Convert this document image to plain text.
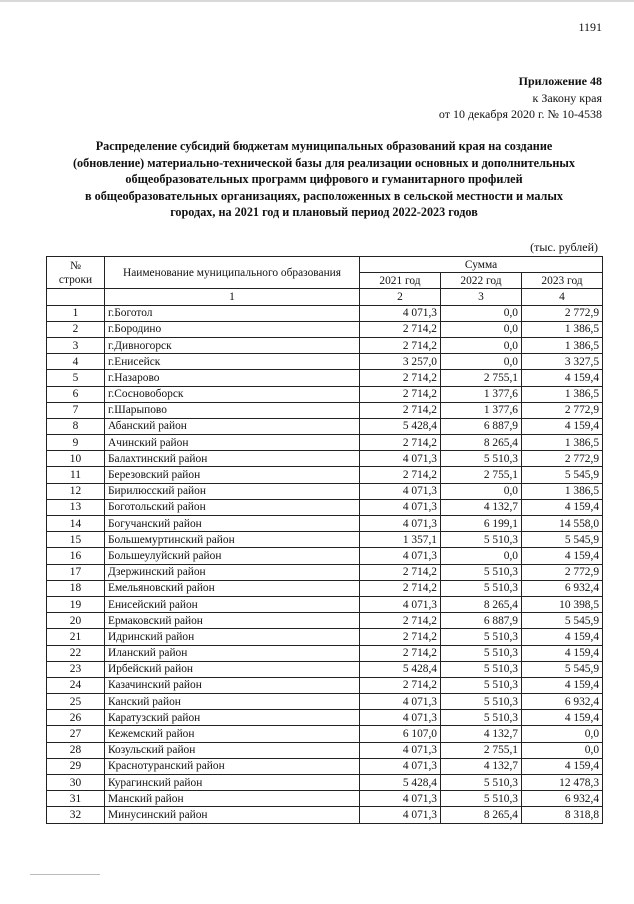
1191
Приложение 48
к Закону края
от 10 декабря 2020 г. № 10-4538
Распределение субсидий бюджетам муниципальных образований края на создание
(обновление) материально-технической базы для реализации основных и дополнительных
общеобразовательных программ цифрового и гуманитарного профилей
в общеобразовательных организациях, расположенных в сельской местности и малых
городах, на 2021 год и плановый период 2022-2023 годов
(тыс. рублей)
№
строки	Наименование муниципального образования	Сумма		
		2021 год	2022 год	2023 год
	1	2	3	4
1	г.Боготол	4 071,3	0,0	2 772,9
2	г.Бородино	2 714,2	0,0	1 386,5
3	г.Дивногорск	2 714,2	0,0	1 386,5
4	г.Енисейск	3 257,0	0,0	3 327,5
5	г.Назарово	2 714,2	2 755,1	4 159,4
6	г.Сосновоборск	2 714,2	1 377,6	1 386,5
7	г.Шарыпово	2 714,2	1 377,6	2 772,9
8	Абанский район	5 428,4	6 887,9	4 159,4
9	Ачинский район	2 714,2	8 265,4	1 386,5
10	Балахтинский район	4 071,3	5 510,3	2 772,9
11	Березовский район	2 714,2	2 755,1	5 545,9
12	Бирилюсский район	4 071,3	0,0	1 386,5
13	Боготольский район	4 071,3	4 132,7	4 159,4
14	Богучанский район	4 071,3	6 199,1	14 558,0
15	Большемуртинский район	1 357,1	5 510,3	5 545,9
16	Большеулуйский район	4 071,3	0,0	4 159,4
17	Дзержинский район	2 714,2	5 510,3	2 772,9
18	Емельяновский район	2 714,2	5 510,3	6 932,4
19	Енисейский район	4 071,3	8 265,4	10 398,5
20	Ермаковский район	2 714,2	6 887,9	5 545,9
21	Идринский район	2 714,2	5 510,3	4 159,4
22	Иланский район	2 714,2	5 510,3	4 159,4
23	Ирбейский район	5 428,4	5 510,3	5 545,9
24	Казачинский район	2 714,2	5 510,3	4 159,4
25	Канский район	4 071,3	5 510,3	6 932,4
26	Каратузский район	4 071,3	5 510,3	4 159,4
27	Кежемский район	6 107,0	4 132,7	0,0
28	Козульский район	4 071,3	2 755,1	0,0
29	Краснотуранский район	4 071,3	4 132,7	4 159,4
30	Курагинский район	5 428,4	5 510,3	12 478,3
31	Манский район	4 071,3	5 510,3	6 932,4
32	Минусинский район	4 071,3	8 265,4	8 318,8
